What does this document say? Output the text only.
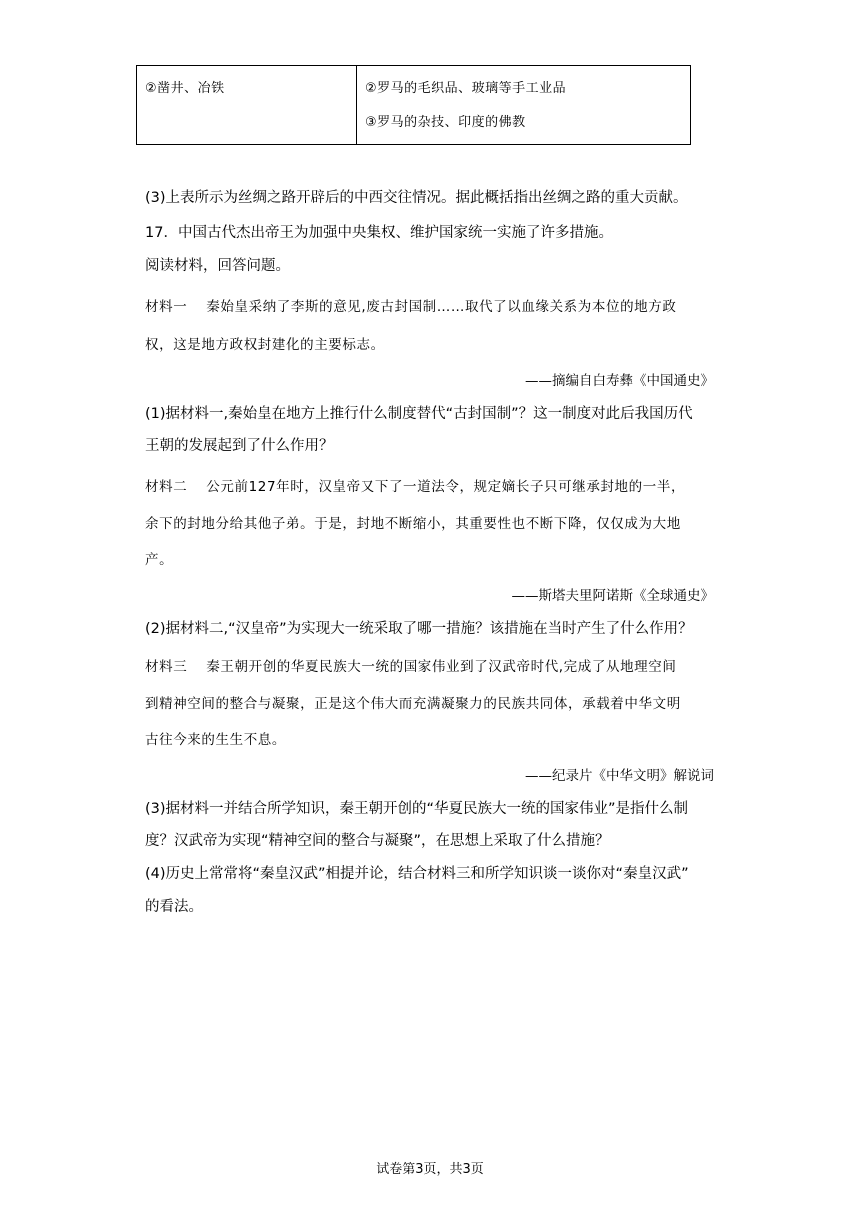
②凿井、冶铁	②罗马的毛织品、玻璃等手工业品
③罗马的杂技、印度的佛教
(3)上表所示为丝绸之路开辟后的中西交往情况。据此概括指出丝绸之路的重大贡献。
17．中国古代杰出帝王为加强中央集权、维护国家统一实施了许多措施。
阅读材料，回答问题。
材料一　 秦始皇采纳了李斯的意见,废古封国制……取代了以血缘关系为本位的地方政
权，这是地方政权封建化的主要标志。
——摘编自白寿彝《中国通史》
(1)据材料一,秦始皇在地方上推行什么制度替代“古封国制”？这一制度对此后我国历代
王朝的发展起到了什么作用？
材料二　 公元前127年时，汉皇帝又下了一道法令，规定嫡长子只可继承封地的一半，
余下的封地分给其他子弟。于是，封地不断缩小，其重要性也不断下降，仅仅成为大地
产。
——斯塔夫里阿诺斯《全球通史》
(2)据材料二,“汉皇帝”为实现大一统采取了哪一措施？该措施在当时产生了什么作用？
材料三　 秦王朝开创的华夏民族大一统的国家伟业到了汉武帝时代,完成了从地理空间
到精神空间的整合与凝聚，正是这个伟大而充满凝聚力的民族共同体，承载着中华文明
古往今来的生生不息。
——纪录片《中华文明》解说词
(3)据材料一并结合所学知识，秦王朝开创的“华夏民族大一统的国家伟业”是指什么制
度？汉武帝为实现“精神空间的整合与凝聚”，在思想上采取了什么措施？
(4)历史上常常将“秦皇汉武”相提并论，结合材料三和所学知识谈一谈你对“秦皇汉武”
的看法。
试卷第3页，共3页
